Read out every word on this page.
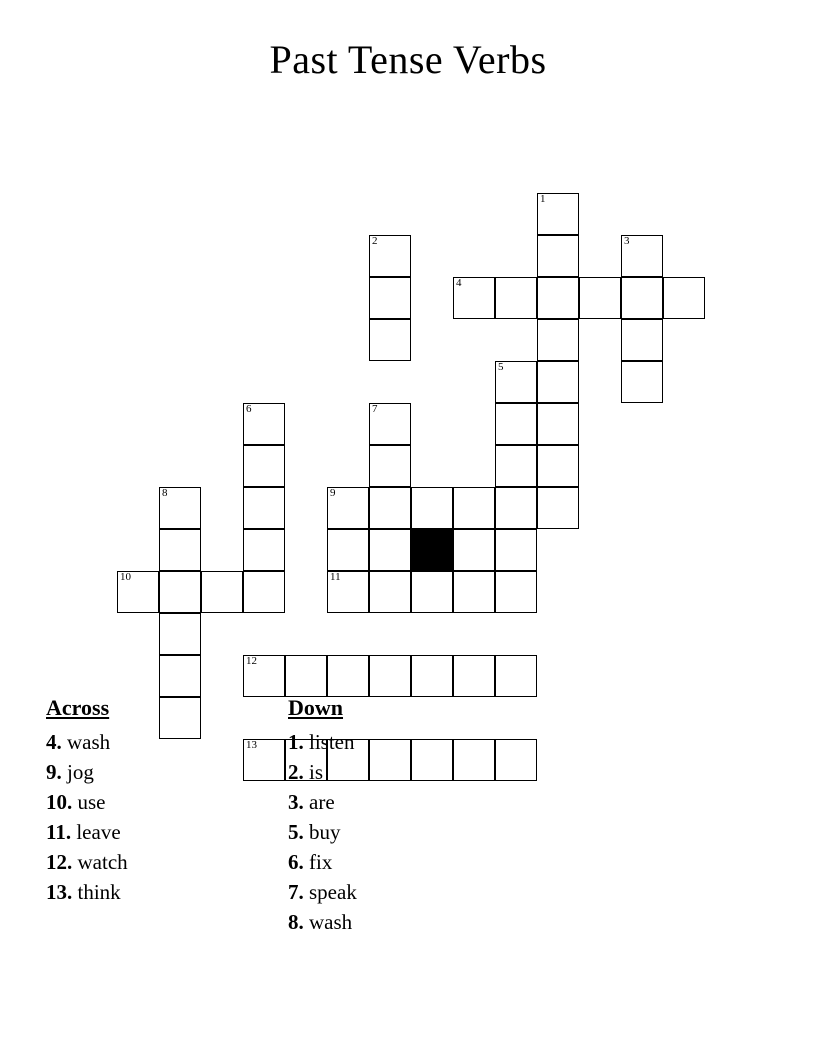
Past Tense Verbs
1
2	3
4
5
6	7
8	9
10	11
12
13
Across
4. wash
9. jog
10. use
11. leave
12. watch
13. think
Down
1. listen
2. is
3. are
5. buy
6. fix
7. speak
8. wash
